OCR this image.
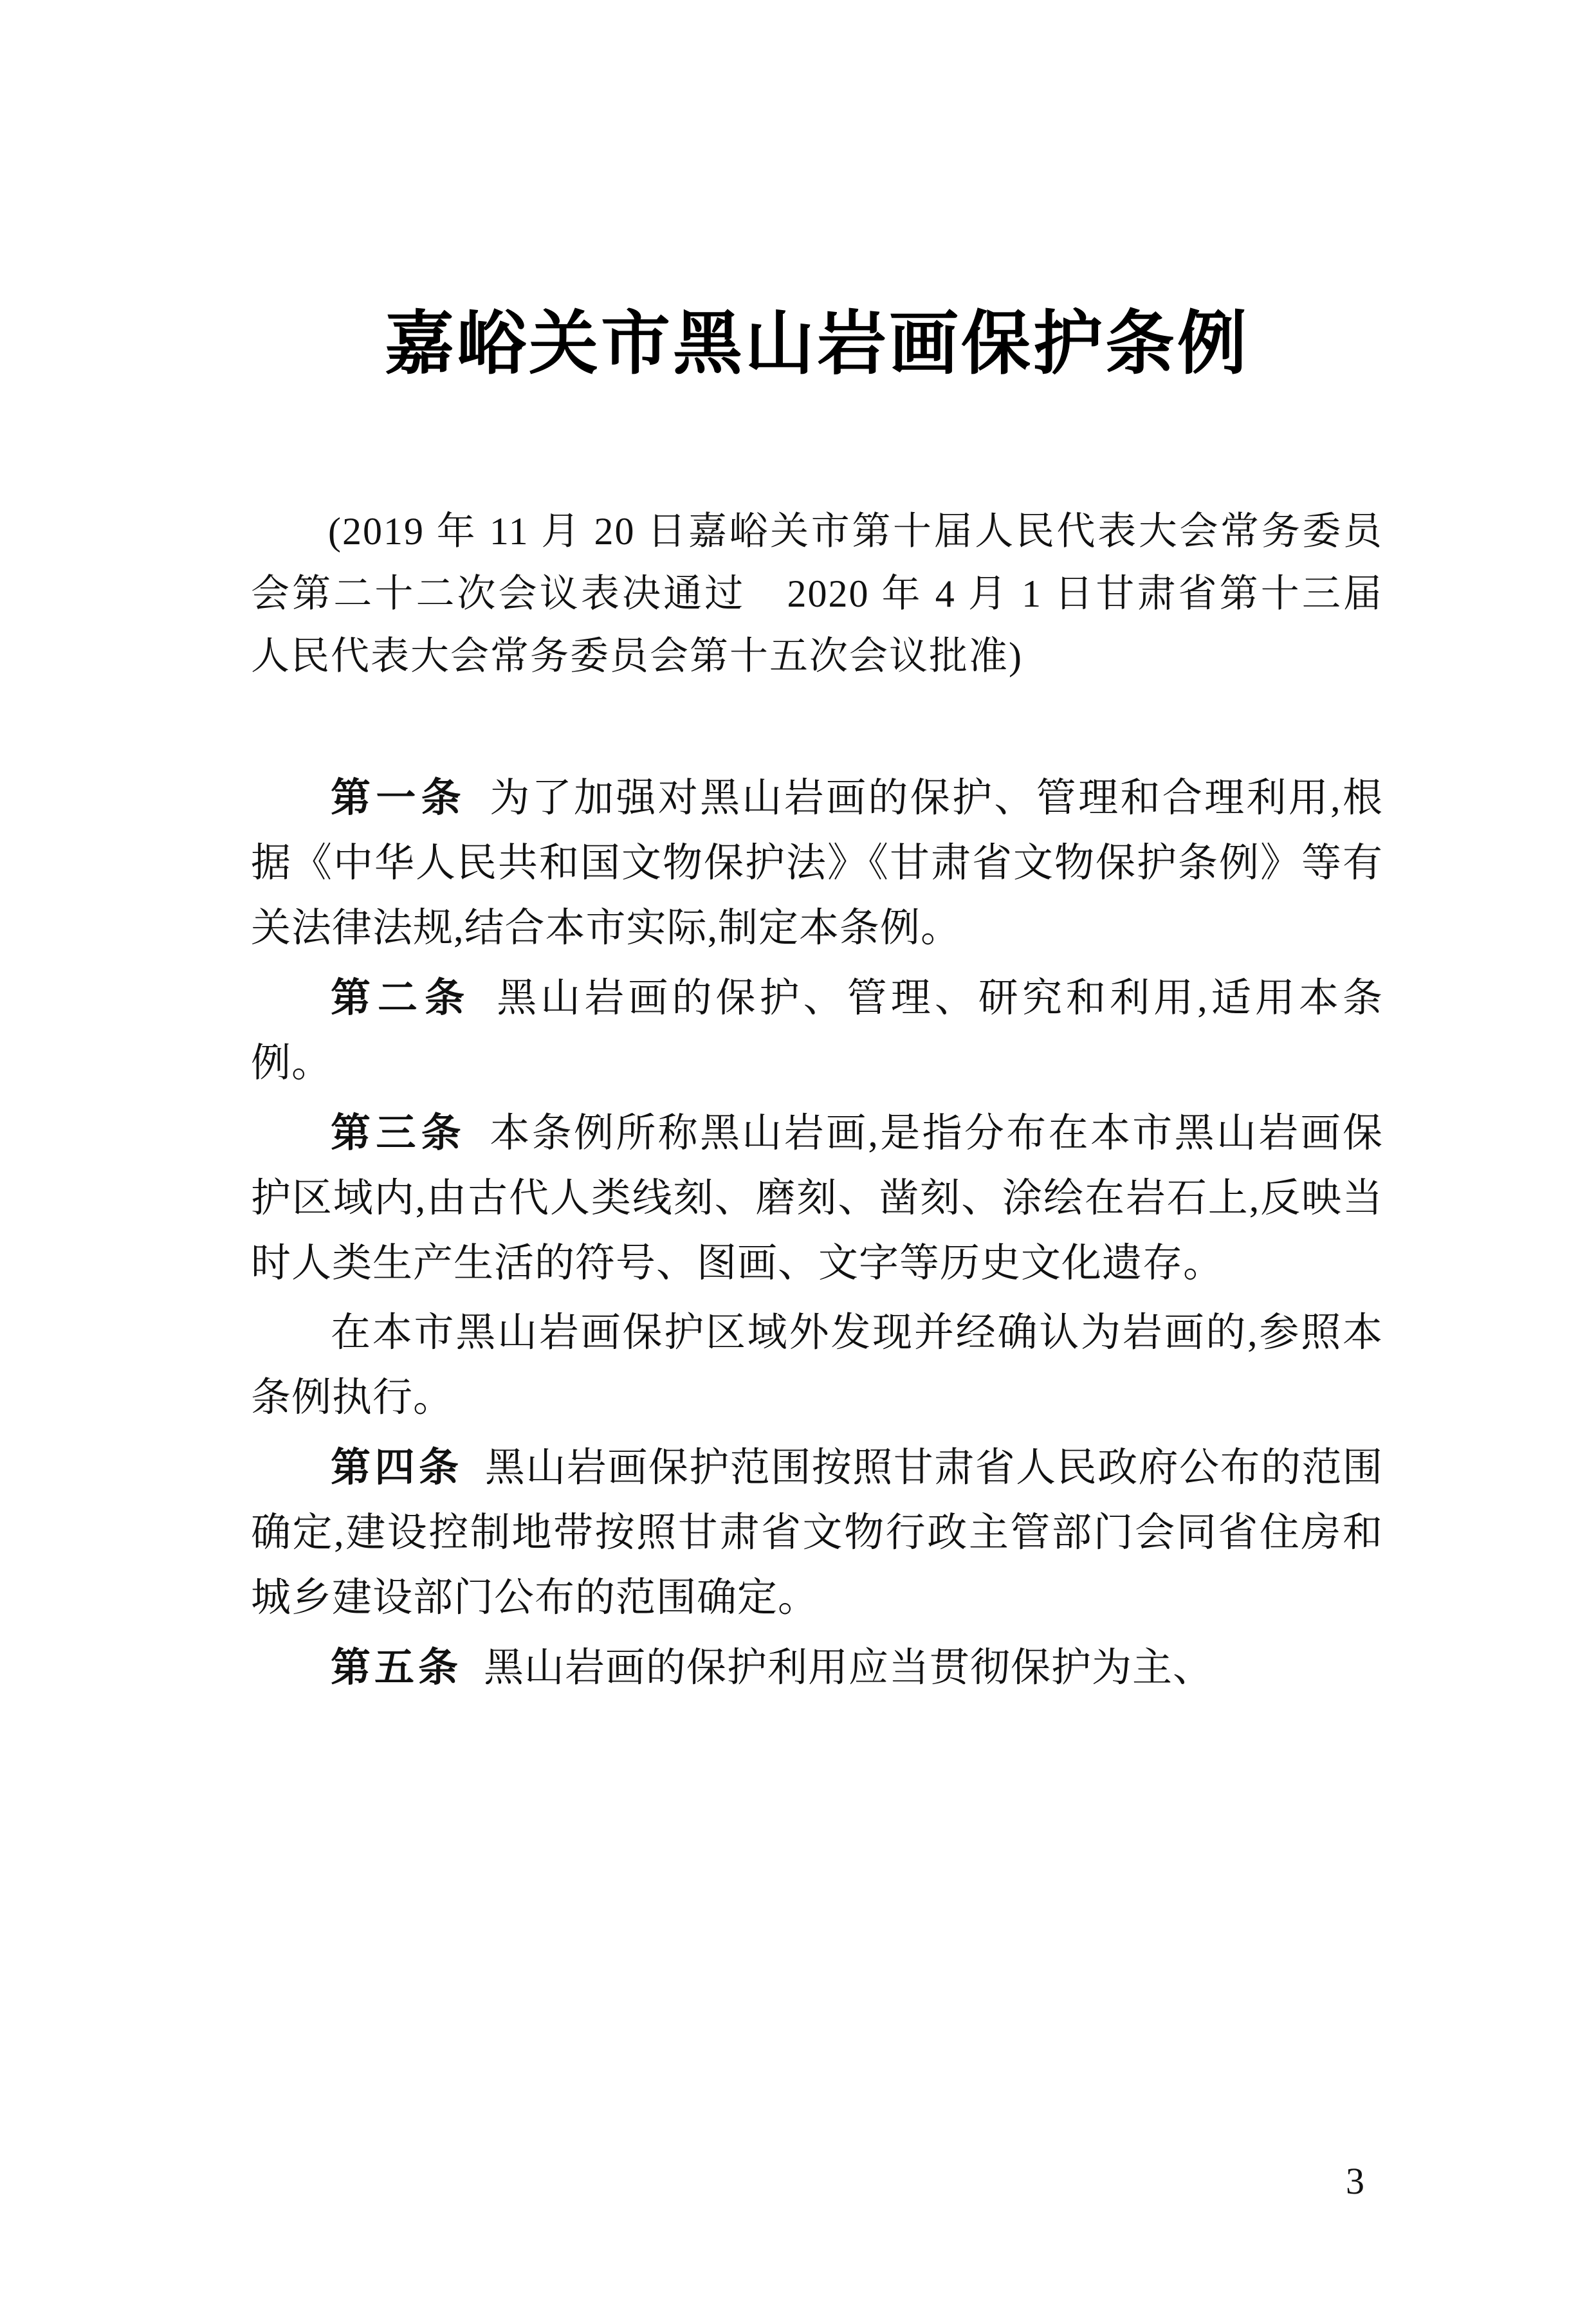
嘉峪关市黑山岩画保护条例
(2019 年 11 月 20 日嘉峪关市第十届人民代表大会常务委员会第二十二次会议表决通过　2020 年 4 月 1 日甘肃省第十三届人民代表大会常务委员会第十五次会议批准)

第一条 为了加强对黑山岩画的保护、管理和合理利用,根据《中华人民共和国文物保护法》《甘肃省文物保护条例》等有关法律法规,结合本市实际,制定本条例。

第二条 黑山岩画的保护、管理、研究和利用,适用本条例。

第三条 本条例所称黑山岩画,是指分布在本市黑山岩画保护区域内,由古代人类线刻、磨刻、凿刻、涂绘在岩石上,反映当时人类生产生活的符号、图画、文字等历史文化遗存。

在本市黑山岩画保护区域外发现并经确认为岩画的,参照本条例执行。

第四条 黑山岩画保护范围按照甘肃省人民政府公布的范围确定,建设控制地带按照甘肃省文物行政主管部门会同省住房和城乡建设部门公布的范围确定。

第五条 黑山岩画的保护利用应当贯彻保护为主、

3
